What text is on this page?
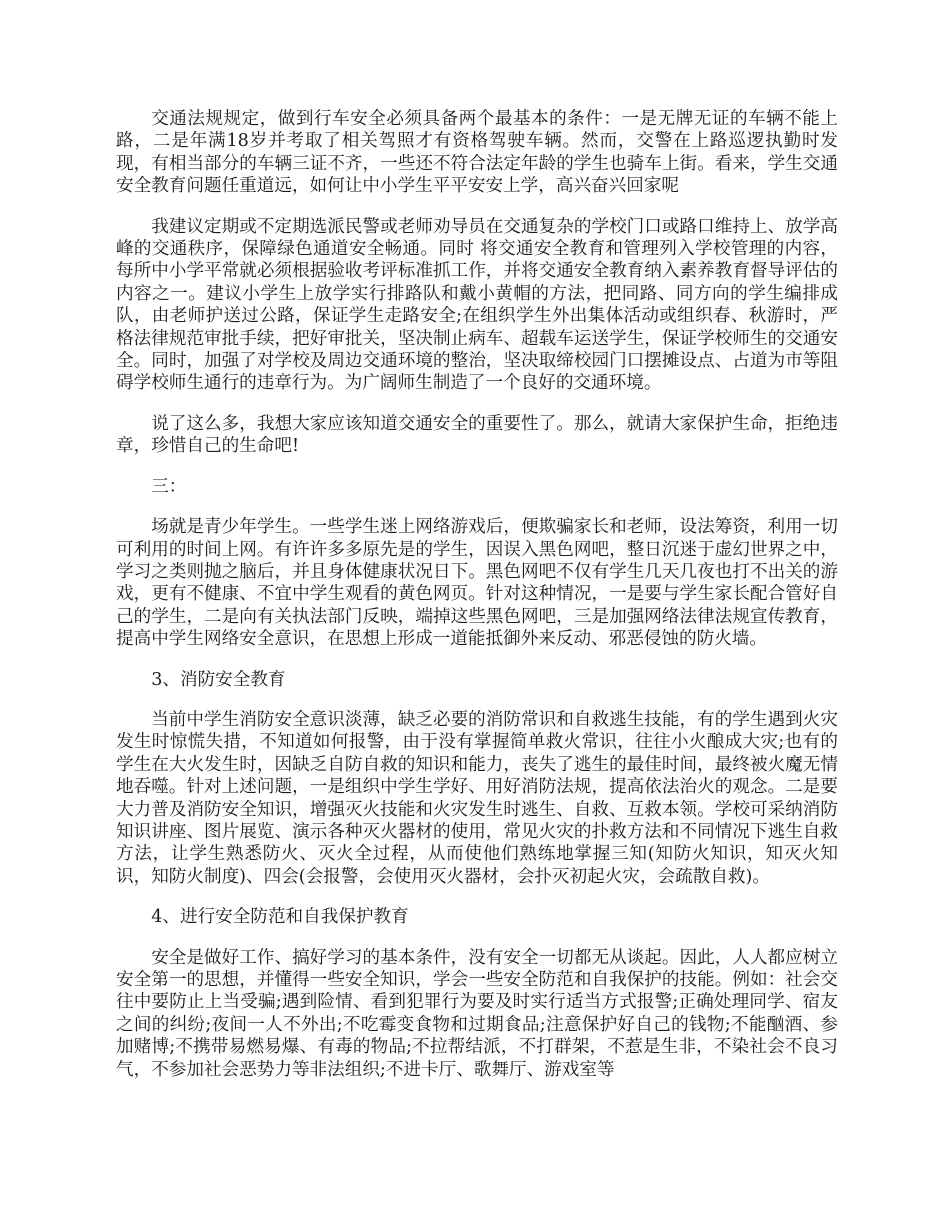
交通法规规定，做到行车安全必须具备两个最基本的条件：一是无牌无证的车辆不能上路，二是年满18岁并考取了相关驾照才有资格驾驶车辆。然而，交警在上路巡逻执勤时发现，有相当部分的车辆三证不齐，一些还不符合法定年龄的学生也骑车上街。看来，学生交通安全教育问题任重道远，如何让中小学生平平安安上学，高兴奋兴回家呢

我建议定期或不定期选派民警或老师劝导员在交通复杂的学校门口或路口维持上、放学高峰的交通秩序，保障绿色通道安全畅通。同时 将交通安全教育和管理列入学校管理的内容，每所中小学平常就必须根据验收考评标准抓工作，并将交通安全教育纳入素养教育督导评估的内容之一。建议小学生上放学实行排路队和戴小黄帽的方法，把同路、同方向的学生编排成队，由老师护送过公路，保证学生走路安全;在组织学生外出集体活动或组织春、秋游时，严格法律规范审批手续，把好审批关，坚决制止病车、超载车运送学生，保证学校师生的交通安全。同时，加强了对学校及周边交通环境的整治，坚决取缔校园门口摆摊设点、占道为市等阻碍学校师生通行的违章行为。为广阔师生制造了一个良好的交通环境。

说了这么多，我想大家应该知道交通安全的重要性了。那么，就请大家保护生命，拒绝违章，珍惜自己的生命吧!

三：

场就是青少年学生。一些学生迷上网络游戏后，便欺骗家长和老师，设法筹资，利用一切可利用的时间上网。有许许多多原先是的学生，因误入黑色网吧，整日沉迷于虚幻世界之中，学习之类则抛之脑后，并且身体健康状况日下。黑色网吧不仅有学生几天几夜也打不出关的游戏，更有不健康、不宜中学生观看的黄色网页。针对这种情况，一是要与学生家长配合管好自己的学生，二是向有关执法部门反映，端掉这些黑色网吧，三是加强网络法律法规宣传教育，提高中学生网络安全意识，在思想上形成一道能抵御外来反动、邪恶侵蚀的防火墙。

3、消防安全教育

当前中学生消防安全意识淡薄，缺乏必要的消防常识和自救逃生技能，有的学生遇到火灾发生时惊慌失措，不知道如何报警，由于没有掌握简单救火常识，往往小火酿成大灾;也有的学生在大火发生时，因缺乏自防自救的知识和能力，丧失了逃生的最佳时间，最终被火魔无情地吞噬。针对上述问题，一是组织中学生学好、用好消防法规，提高依法治火的观念。二是要大力普及消防安全知识，增强灭火技能和火灾发生时逃生、自救、互救本领。学校可采纳消防知识讲座、图片展览、演示各种灭火器材的使用，常见火灾的扑救方法和不同情况下逃生自救方法，让学生熟悉防火、灭火全过程，从而使他们熟练地掌握三知(知防火知识，知灭火知识，知防火制度)、四会(会报警，会使用灭火器材，会扑灭初起火灾，会疏散自救)。

4、进行安全防范和自我保护教育

安全是做好工作、搞好学习的基本条件，没有安全一切都无从谈起。因此，人人都应树立安全第一的思想，并懂得一些安全知识，学会一些安全防范和自我保护的技能。例如：社会交往中要防止上当受骗;遇到险情、看到犯罪行为要及时实行适当方式报警;正确处理同学、宿友之间的纠纷;夜间一人不外出;不吃霉变食物和过期食品;注意保护好自己的钱物;不能酗酒、参加赌博;不携带易燃易爆、有毒的物品;不拉帮结派，不打群架，不惹是生非，不染社会不良习气，不参加社会恶势力等非法组织;不进卡厅、歌舞厅、游戏室等
